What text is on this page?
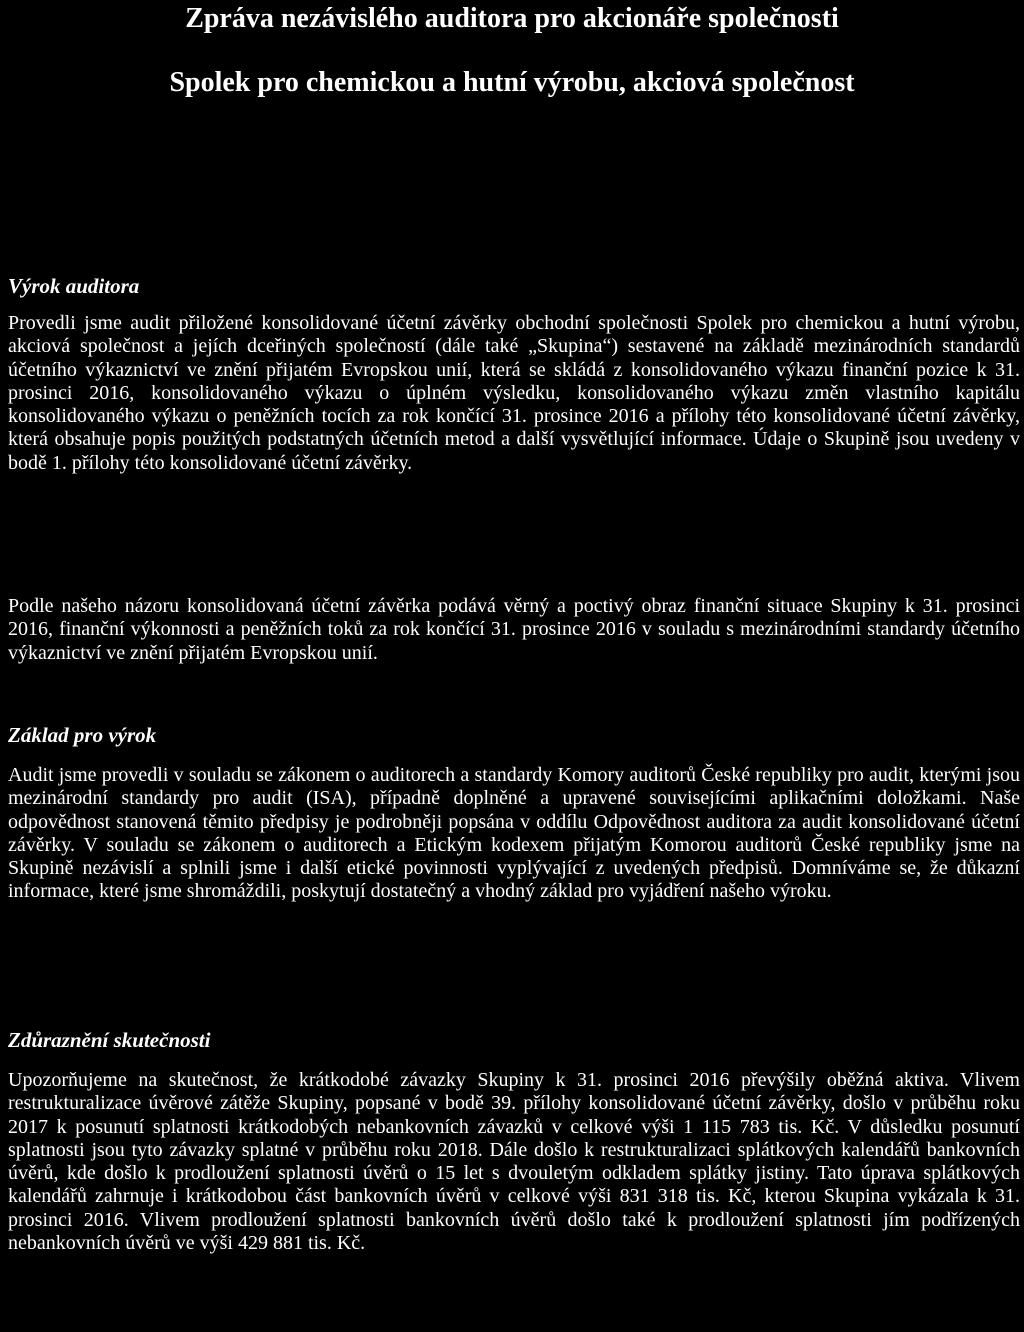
Zpráva nezávislého auditora pro akcionáře společnosti
Spolek pro chemickou a hutní výrobu, akciová společnost
Výrok auditora

Provedli jsme audit přiložené konsolidované účetní závěrky obchodní společnosti Spolek pro chemickou a hutní výrobu, akciová společnost a jejích dceřiných společností (dále také „Skupina“) sestavené na základě mezinárodních standardů účetního výkaznictví ve znění přijatém Evropskou unií, která se skládá z konsolidovaného výkazu finanční pozice k 31. prosinci 2016, konsolidovaného výkazu o úplném výsledku, konsolidovaného výkazu změn vlastního kapitálu konsolidovaného výkazu o peněžních tocích za rok končící 31. prosince 2016 a přílohy této konsolidované účetní závěrky, která obsahuje popis použitých podstatných účetních metod a další vysvětlující informace. Údaje o Skupině jsou uvedeny v bodě 1. přílohy této konsolidované účetní závěrky.

Podle našeho názoru konsolidovaná účetní závěrka podává věrný a poctivý obraz finanční situace Skupiny k 31. prosinci 2016, finanční výkonnosti a peněžních toků za rok končící 31. prosince 2016 v souladu s mezinárodními standardy účetního výkaznictví ve znění přijatém Evropskou unií.

Základ pro výrok

Audit jsme provedli v souladu se zákonem o auditorech a standardy Komory auditorů České republiky pro audit, kterými jsou mezinárodní standardy pro audit (ISA), případně doplněné a upravené souvisejícími aplikačními doložkami. Naše odpovědnost stanovená těmito předpisy je podrobněji popsána v oddílu Odpovědnost auditora za audit konsolidované účetní závěrky. V souladu se zákonem o auditorech a Etickým kodexem přijatým Komorou auditorů České republiky jsme na Skupině nezávislí a splnili jsme i další etické povinnosti vyplývající z uvedených předpisů. Domníváme se, že důkazní informace, které jsme shromáždili, poskytují dostatečný a vhodný základ pro vyjádření našeho výroku.

Zdůraznění skutečnosti

Upozorňujeme na skutečnost, že krátkodobé závazky Skupiny k 31. prosinci 2016 převýšily oběžná aktiva. Vlivem restrukturalizace úvěrové zátěže Skupiny, popsané v bodě 39. přílohy konsolidované účetní závěrky, došlo v průběhu roku 2017 k posunutí splatnosti krátkodobých nebankovních závazků v celkové výši 1 115 783 tis. Kč. V důsledku posunutí splatnosti jsou tyto závazky splatné v průběhu roku 2018. Dále došlo k restrukturalizaci splátkových kalendářů bankovních úvěrů, kde došlo k prodloužení splatnosti úvěrů o 15 let s dvouletým odkladem splátky jistiny. Tato úprava splátkových kalendářů zahrnuje i krátkodobou část bankovních úvěrů v celkové výši 831 318 tis. Kč, kterou Skupina vykázala k 31. prosinci 2016. Vlivem prodloužení splatnosti bankovních úvěrů došlo také k prodloužení splatnosti jím podřízených nebankovních úvěrů ve výši 429 881 tis. Kč.
